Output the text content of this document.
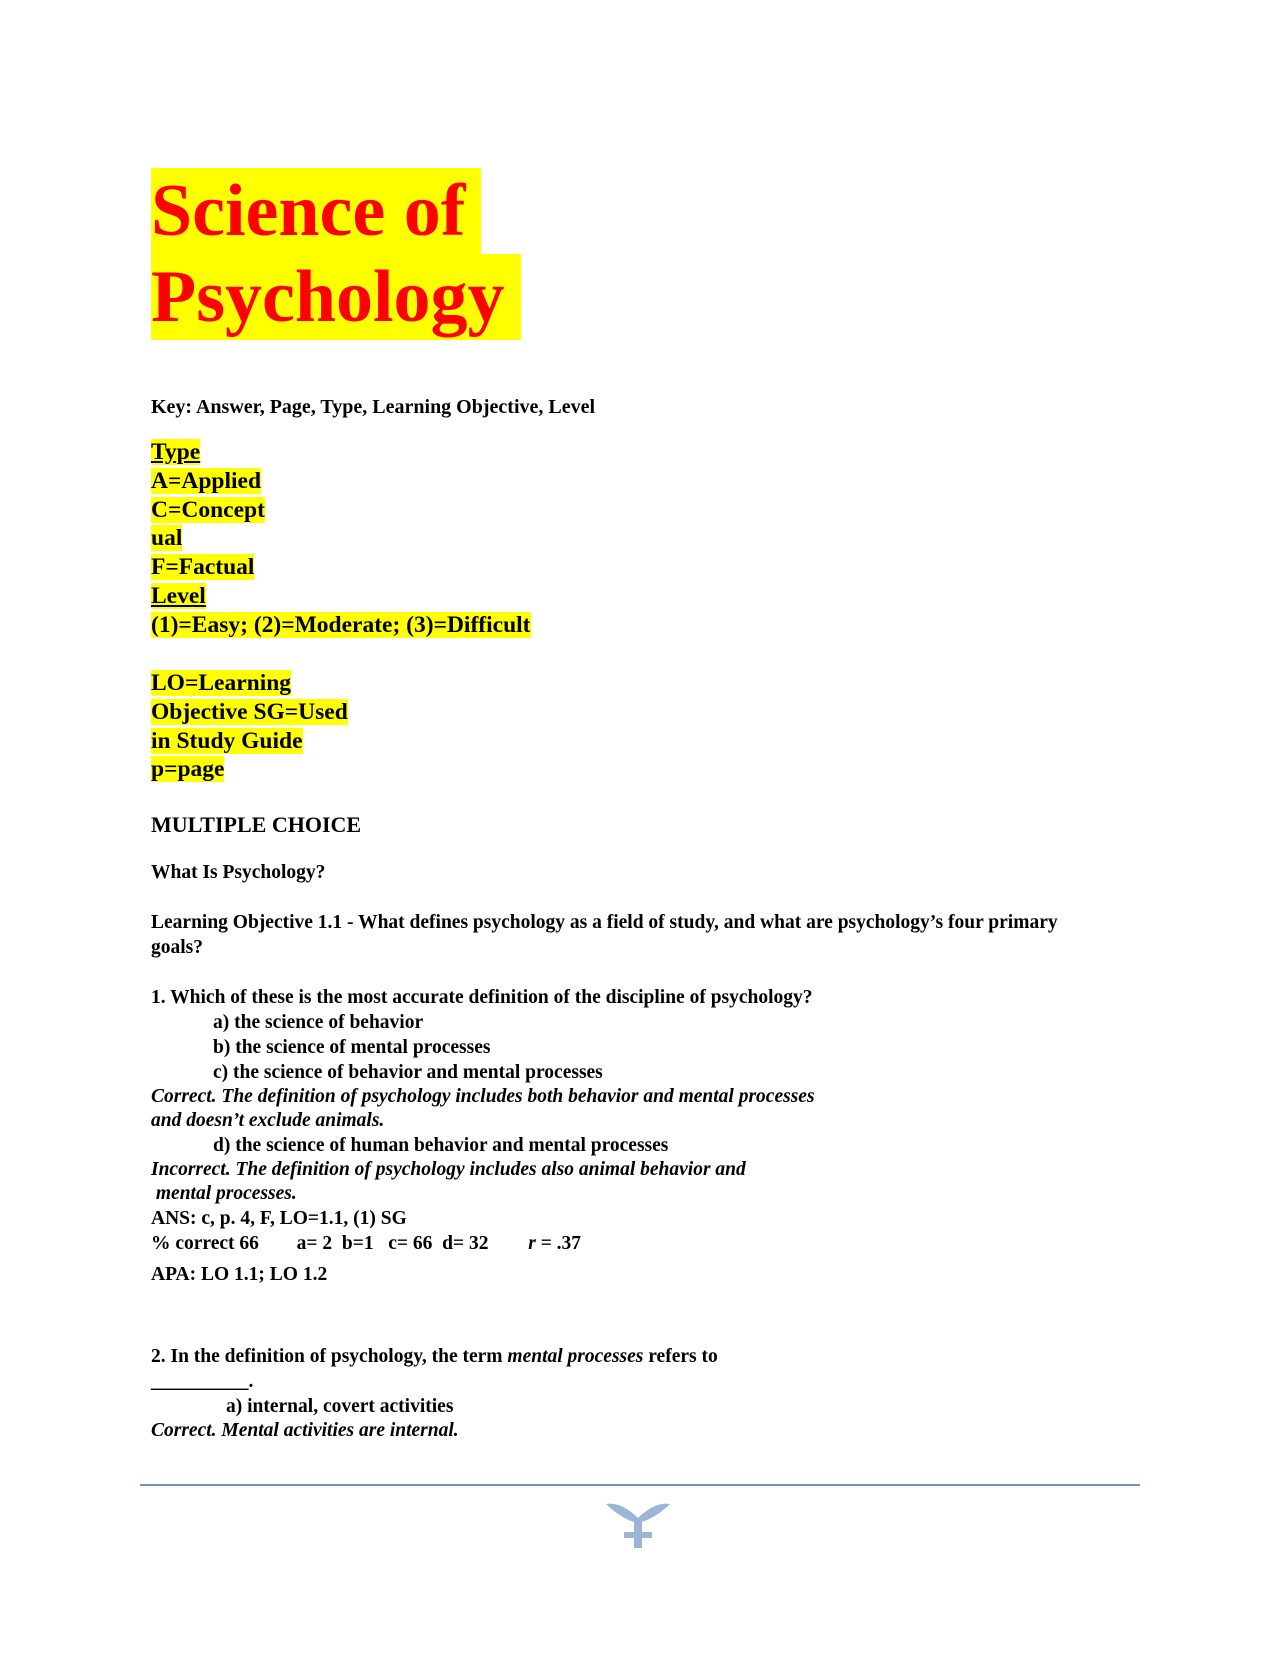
Science of
Psychology

Key: Answer, Page, Type, Learning Objective, Level

Type
A=Applied
C=Concept
ual
F=Factual
Level
(1)=Easy; (2)=Moderate; (3)=Difficult
LO=Learning
Objective SG=Used
in Study Guide
p=page

MULTIPLE CHOICE

What Is Psychology?

Learning Objective 1.1 - What defines psychology as a field of study, and what are psychology’s four primary goals?

1. Which of these is the most accurate definition of the discipline of psychology?
a) the science of behavior
b) the science of mental processes
c) the science of behavior and mental processes
Correct. The definition of psychology includes both behavior and mental processes
and doesn’t exclude animals.
d) the science of human behavior and mental processes
Incorrect. The definition of psychology includes also animal behavior and
mental processes.
ANS: c, p. 4, F, LO=1.1, (1) SG
% correct 66 a= 2  b=1   c= 66  d= 32 r = .37
APA: LO 1.1; LO 1.2
2. In the definition of psychology, the term mental processes refers to
__________.
a) internal, covert activities
Correct. Mental activities are internal.
